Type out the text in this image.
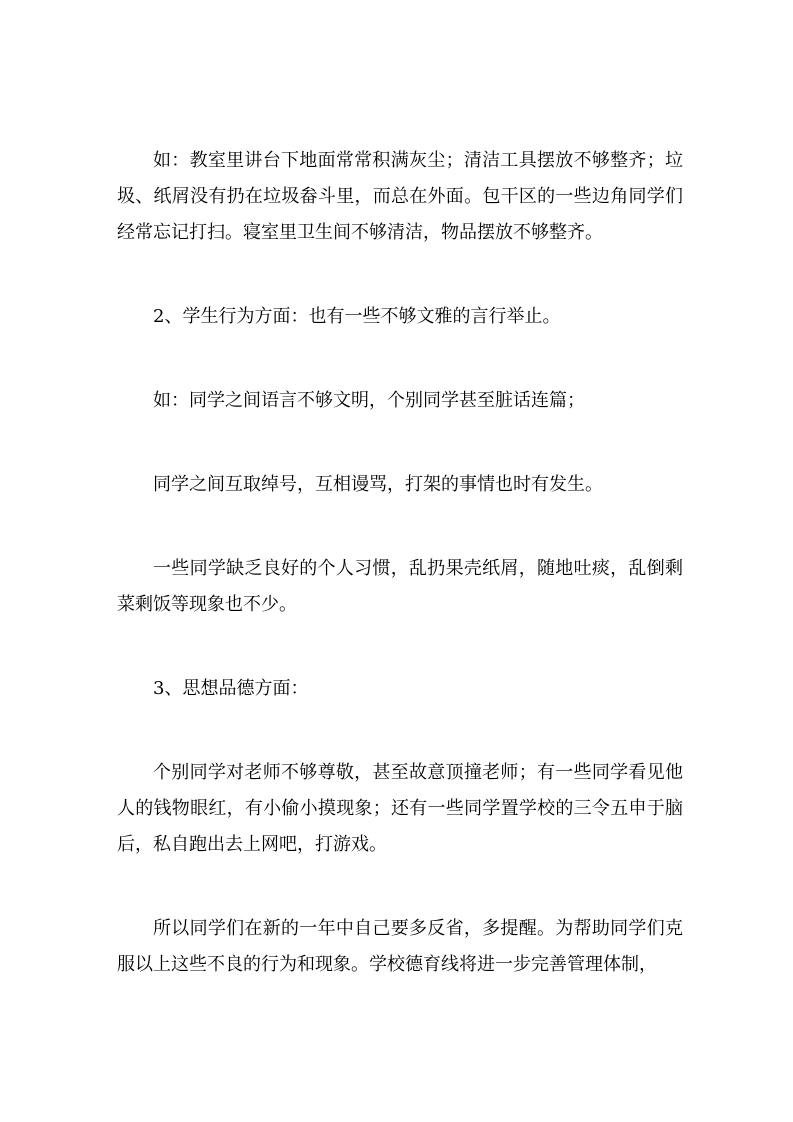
如：教室里讲台下地面常常积满灰尘；清洁工具摆放不够整齐；垃圾、纸屑没有扔在垃圾畚斗里，而总在外面。包干区的一些边角同学们经常忘记打扫。寝室里卫生间不够清洁，物品摆放不够整齐。

2、学生行为方面：也有一些不够文雅的言行举止。

如：同学之间语言不够文明，个别同学甚至脏话连篇；

同学之间互取绰号，互相谩骂，打架的事情也时有发生。

一些同学缺乏良好的个人习惯，乱扔果壳纸屑，随地吐痰，乱倒剩菜剩饭等现象也不少。

3、思想品德方面：

个别同学对老师不够尊敬，甚至故意顶撞老师；有一些同学看见他人的钱物眼红，有小偷小摸现象；还有一些同学置学校的三令五申于脑后，私自跑出去上网吧，打游戏。

所以同学们在新的一年中自己要多反省，多提醒。为帮助同学们克服以上这些不良的行为和现象。学校德育线将进一步完善管理体制，
